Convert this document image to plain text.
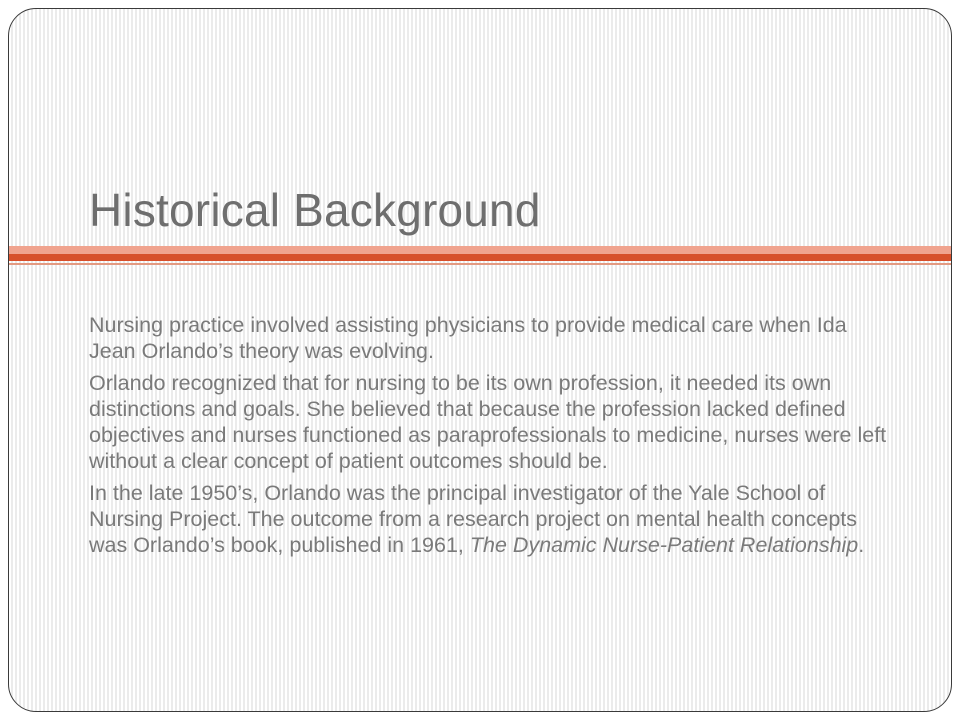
Historical Background

Nursing practice involved assisting physicians to provide medical care when Ida Jean Orlando’s theory was evolving.

Orlando recognized that for nursing to be its own profession, it needed its own distinctions and goals. She believed that because the profession lacked defined objectives and nurses functioned as paraprofessionals to medicine, nurses were left without a clear concept of patient outcomes should be.

In the late 1950’s, Orlando was the principal investigator of the Yale School of Nursing Project. The outcome from a research project on mental health concepts was Orlando’s book, published in 1961, The Dynamic Nurse-Patient Relationship.
